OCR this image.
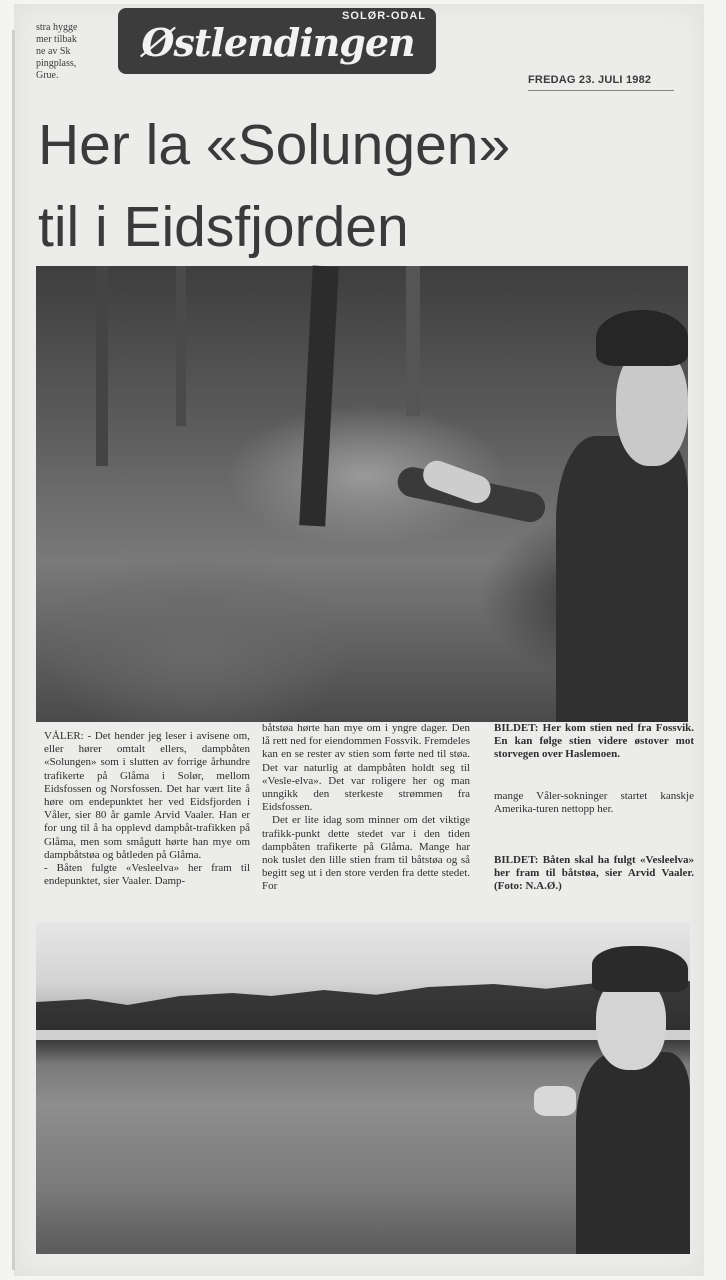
stra hygge
mer tilbak
ne av Sk
pingplass,
Grue.
SOLØR-ODAL
Østlendingen
FREDAG 23. JULI 1982
Her la «Solungen»
til i Eidsfjorden

VÅLER: - Det hender jeg leser i avisene om, eller hører omtalt ellers, dampbåten «Solungen» som i slutten av forrige århundre trafikerte på Glåma i Solør, mellom Eidsfossen og Norsfossen. Det har vært lite å høre om endepunktet her ved Eidsfjorden i Våler, sier 80 år gamle Arvid Vaaler. Han er for ung til å ha opplevd dampbåt-trafikken på Glåma, men som smågutt hørte han mye om dampbåtstøa og båtleden på Glåma.

- Båten fulgte «Vesleelva» her fram til endepunktet, sier Vaaler. Damp-

båtstøa hørte han mye om i yngre dager. Den lå rett ned for eiendommen Fossvik. Fremdeles kan en se rester av stien som førte ned til støa. Det var naturlig at dampbåten holdt seg til «Vesle-elva». Det var roligere her og man unngikk den sterkeste strømmen fra Eidsfossen.

Det er lite idag som minner om det viktige trafikk-punkt dette stedet var i den tiden dampbåten trafikerte på Glåma. Mange har nok tuslet den lille stien fram til båtstøa og så begitt seg ut i den store verden fra dette stedet. For

BILDET: Her kom stien ned fra Fossvik. En kan følge stien videre østover mot storvegen over Haslemoen.

mange Våler-sokninger startet kanskje Amerika-turen nettopp her.

BILDET: Båten skal ha fulgt «Vesleelva» her fram til båtstøa, sier Arvid Vaaler.(Foto: N.A.Ø.)
